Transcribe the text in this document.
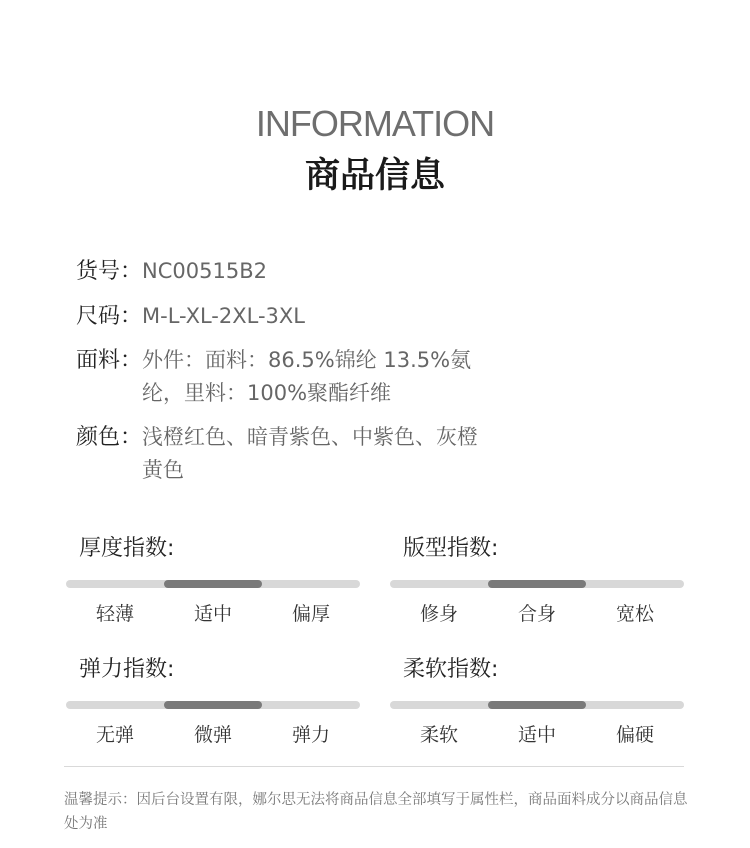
INFORMATION
商品信息
货号： NC00515B2
尺码： M-L-XL-2XL-3XL
面料： 外件：面料：86.5%锦纶 13.5%氨纶，里料：100%聚酯纤维
颜色： 浅橙红色、暗青紫色、中紫色、灰橙黄色
厚度指数:
轻薄	适中	偏厚
版型指数:
修身	合身	宽松
弹力指数:
无弹	微弹	弹力
柔软指数:
柔软	适中	偏硬
温馨提示：因后台设置有限，娜尔思无法将商品信息全部填写于属性栏，商品面料成分以商品信息处为准
